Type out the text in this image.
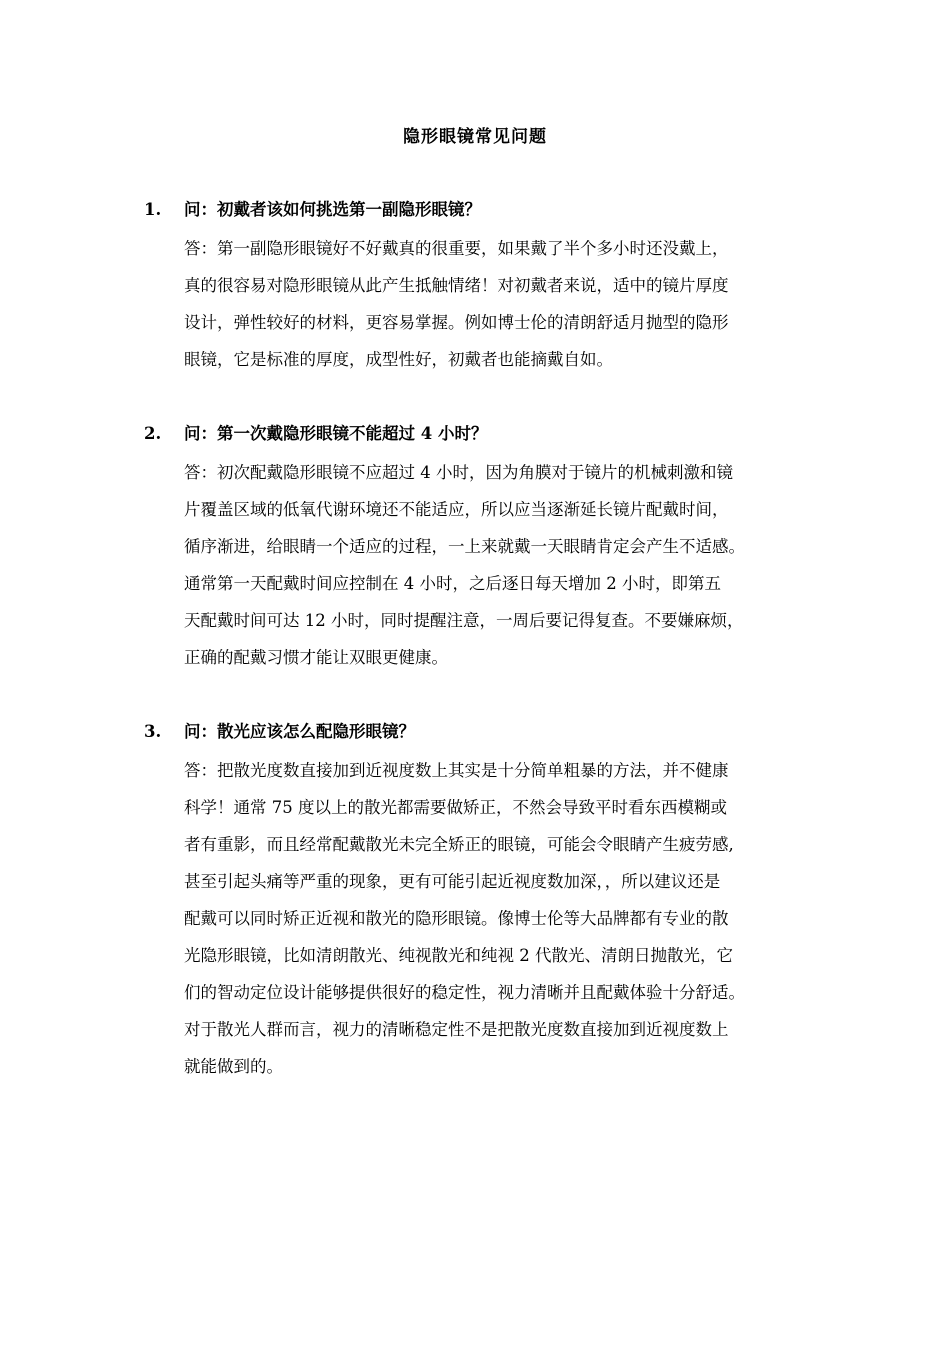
隐形眼镜常见问题
1. 问：初戴者该如何挑选第一副隐形眼镜？
答：第一副隐形眼镜好不好戴真的很重要，如果戴了半个多小时还没戴上，
真的很容易对隐形眼镜从此产生抵触情绪！对初戴者来说，适中的镜片厚度
设计，弹性较好的材料，更容易掌握。例如博士伦的清朗舒适月抛型的隐形
眼镜，它是标准的厚度，成型性好，初戴者也能摘戴自如。
2. 问：第一次戴隐形眼镜不能超过 4 小时？
答：初次配戴隐形眼镜不应超过 4 小时，因为角膜对于镜片的机械刺激和镜
片覆盖区域的低氧代谢环境还不能适应，所以应当逐渐延长镜片配戴时间，
循序渐进，给眼睛一个适应的过程，一上来就戴一天眼睛肯定会产生不适感。
通常第一天配戴时间应控制在 4 小时，之后逐日每天增加 2 小时，即第五
天配戴时间可达 12 小时，同时提醒注意，一周后要记得复查。不要嫌麻烦，
正确的配戴习惯才能让双眼更健康。
3. 问：散光应该怎么配隐形眼镜？
答：把散光度数直接加到近视度数上其实是十分简单粗暴的方法，并不健康
科学！通常 75 度以上的散光都需要做矫正，不然会导致平时看东西模糊或
者有重影，而且经常配戴散光未完全矫正的眼镜，可能会令眼睛产生疲劳感,
甚至引起头痛等严重的现象，更有可能引起近视度数加深，，所以建议还是
配戴可以同时矫正近视和散光的隐形眼镜。像博士伦等大品牌都有专业的散
光隐形眼镜，比如清朗散光、纯视散光和纯视 2 代散光、清朗日抛散光，它
们的智动定位设计能够提供很好的稳定性，视力清晰并且配戴体验十分舒适。
对于散光人群而言，视力的清晰稳定性不是把散光度数直接加到近视度数上
就能做到的。
